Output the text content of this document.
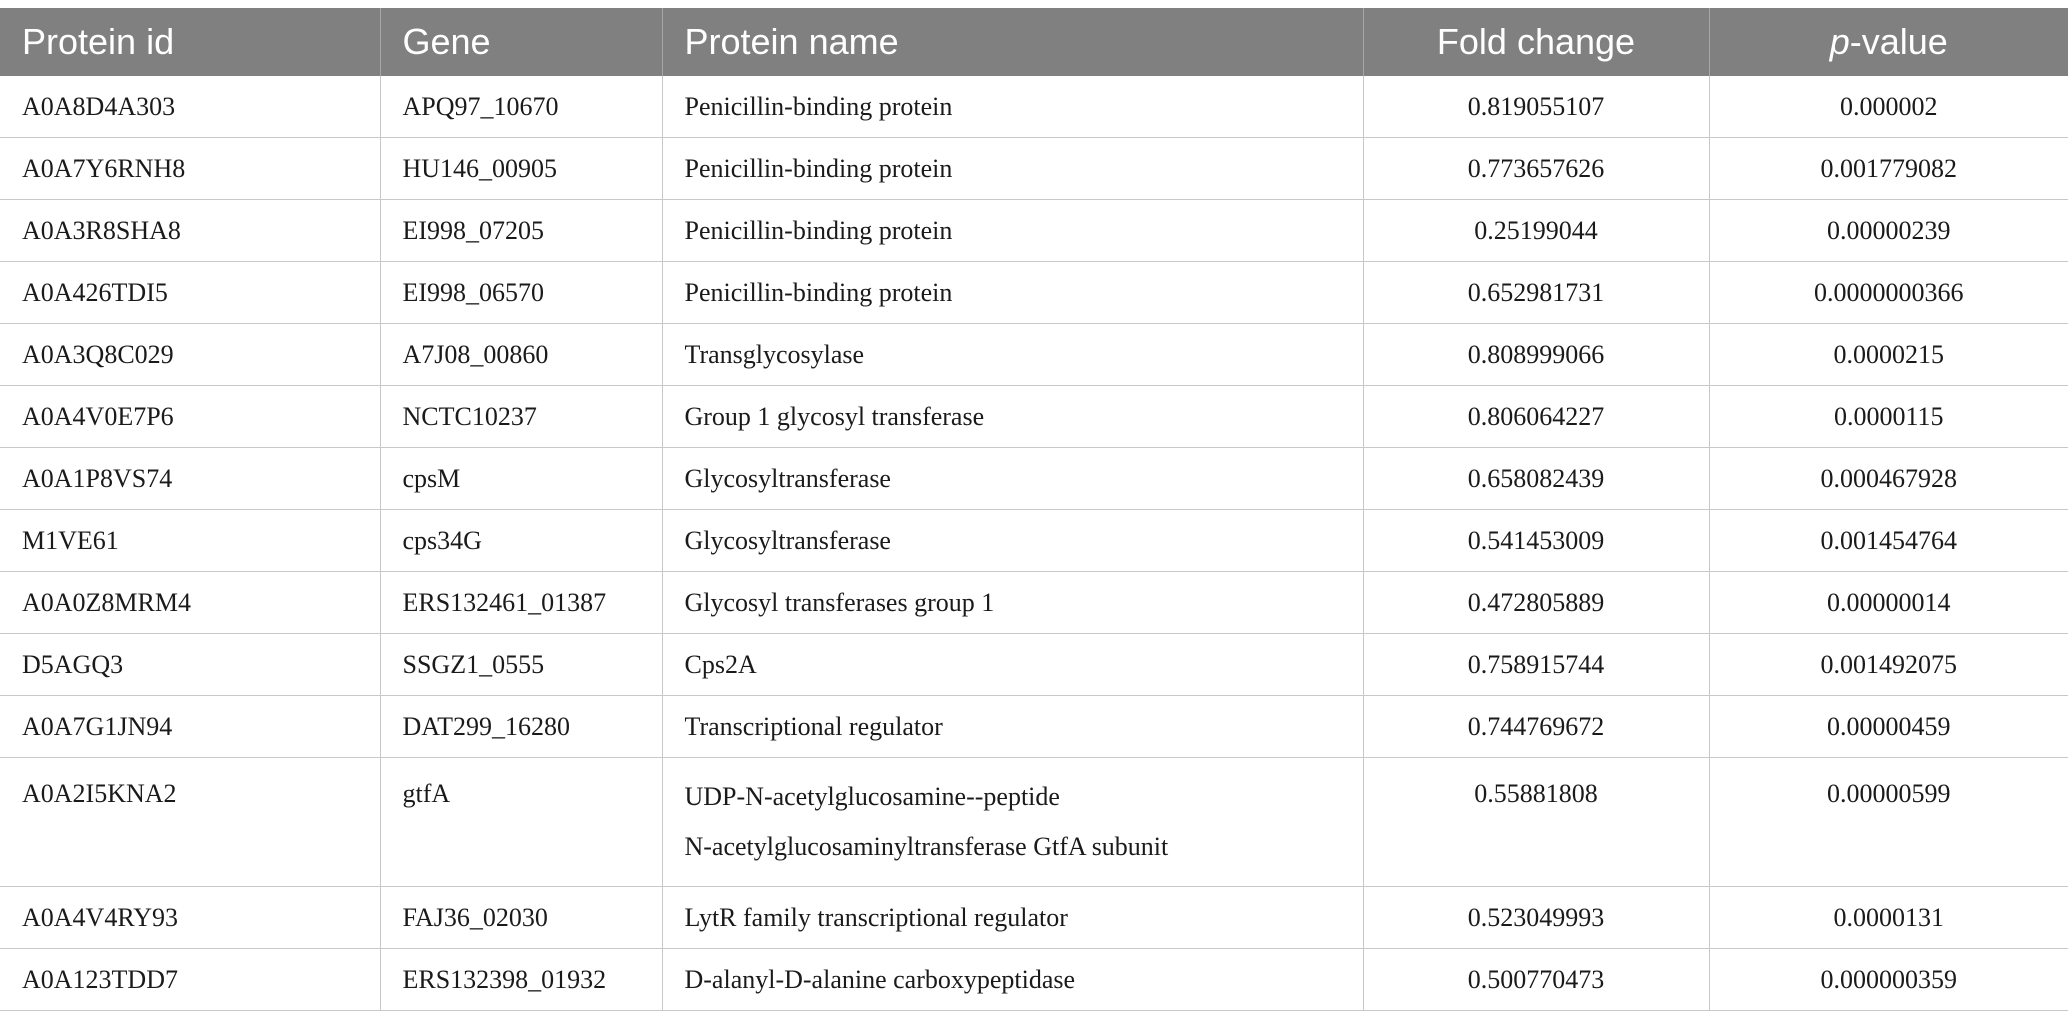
Protein id	Gene	Protein name	Fold change	p-value
A0A8D4A303	APQ97_10670	Penicillin-binding protein	0.819055107	0.000002
A0A7Y6RNH8	HU146_00905	Penicillin-binding protein	0.773657626	0.001779082
A0A3R8SHA8	EI998_07205	Penicillin-binding protein	0.25199044	0.00000239
A0A426TDI5	EI998_06570	Penicillin-binding protein	0.652981731	0.0000000366
A0A3Q8C029	A7J08_00860	Transglycosylase	0.808999066	0.0000215
A0A4V0E7P6	NCTC10237	Group 1 glycosyl transferase	0.806064227	0.0000115
A0A1P8VS74	cpsM	Glycosyltransferase	0.658082439	0.000467928
M1VE61	cps34G	Glycosyltransferase	0.541453009	0.001454764
A0A0Z8MRM4	ERS132461_01387	Glycosyl transferases group 1	0.472805889	0.00000014
D5AGQ3	SSGZ1_0555	Cps2A	0.758915744	0.001492075
A0A7G1JN94	DAT299_16280	Transcriptional regulator	0.744769672	0.00000459
A0A2I5KNA2	gtfA	UDP-N-acetylglucosamine--peptide
N-acetylglucosaminyltransferase GtfA subunit	0.55881808	0.00000599
A0A4V4RY93	FAJ36_02030	LytR family transcriptional regulator	0.523049993	0.0000131
A0A123TDD7	ERS132398_01932	D-alanyl-D-alanine carboxypeptidase	0.500770473	0.000000359
